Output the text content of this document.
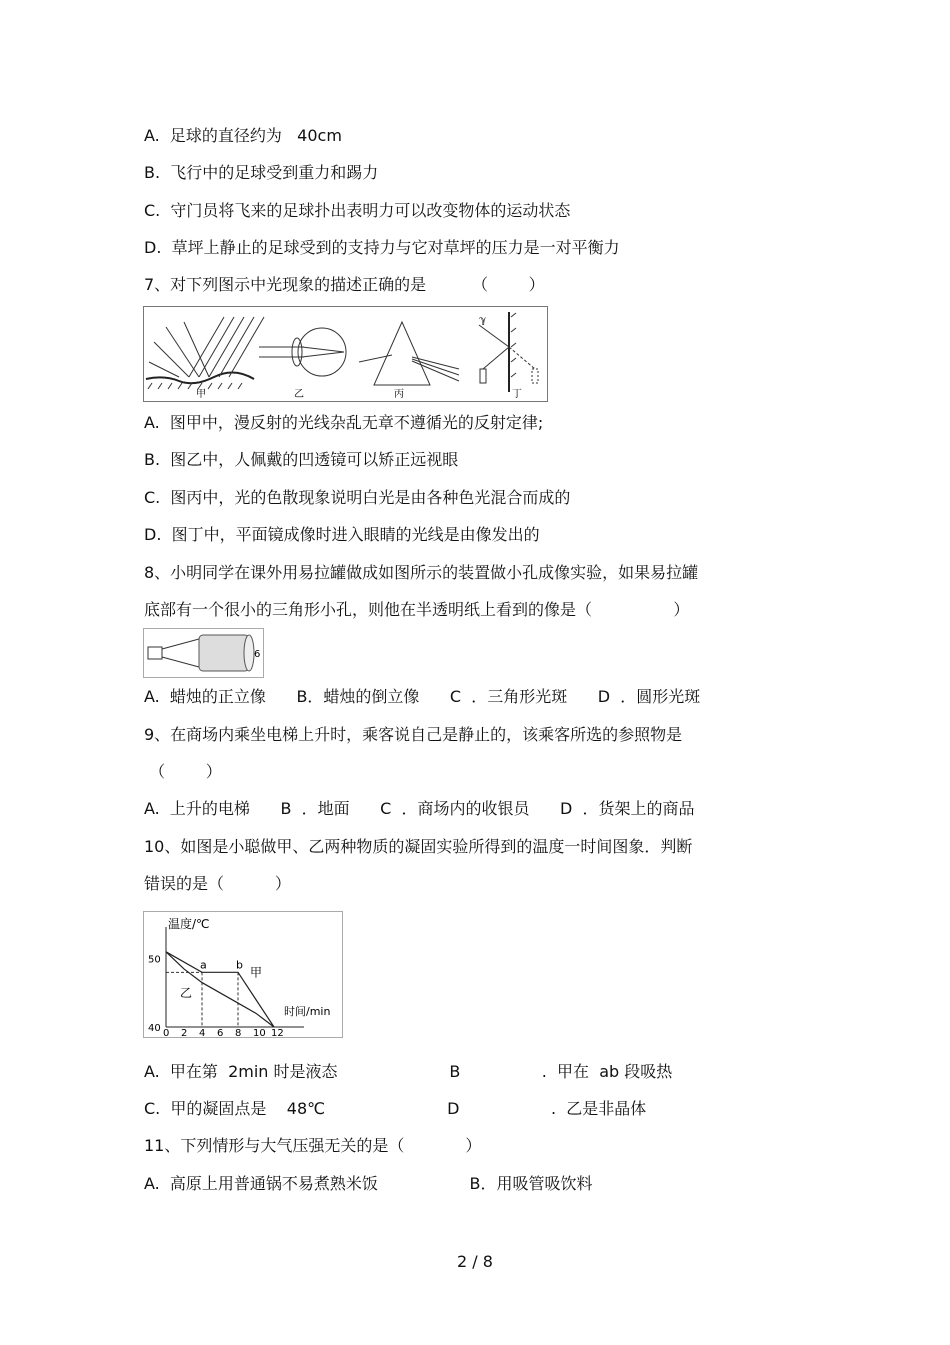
A.  足球的直径约为   40cm
B.  飞行中的足球受到重力和踢力
C.  守门员将飞来的足球扑出表明力可以改变物体的运动状态
D.  草坪上静止的足球受到的支持力与它对草坪的压力是一对平衡力
7、对下列图示中光现象的描述正确的是         （        ）
甲	乙	丙
ℽ
丁
A.  图甲中，漫反射的光线杂乱无章不遵循光的反射定律;
B.  图乙中，人佩戴的凹透镜可以矫正远视眼
C.  图丙中，光的色散现象说明白光是由各种色光混合而成的
D.  图丁中，平面镜成像时进入眼睛的光线是由像发出的
8、小明同学在课外用易拉罐做成如图所示的装置做小孔成像实验，如果易拉罐
底部有一个很小的三角形小孔，则他在半透明纸上看到的像是（                ）
6
A.  蜡烛的正立像      B．蜡烛的倒立像      C  ．三角形光斑      D  ．圆形光斑
9、在商场内乘坐电梯上升时，乘客说自己是静止的，该乘客所选的参照物是
（        ）
A.  上升的电梯      B  ．地面      C  ．商场内的收银员      D  ．货架上的商品
10、如图是小聪做甲、乙两种物质的凝固实验所得到的温度一时间图象．判断
错误的是（          ）
温度/℃
时间/min
0 2 4 6 8 10 12
40
50
甲
乙
a	b
A.  甲在第  2min 时是液态                      B                .  甲在  ab 段吸热
C.  甲的凝固点是    48℃                        D                  .  乙是非晶体
11、下列情形与大气压强无关的是（            ）
A.  高原上用普通锅不易煮熟米饭                  B．用吸管吸饮料
2 / 8
